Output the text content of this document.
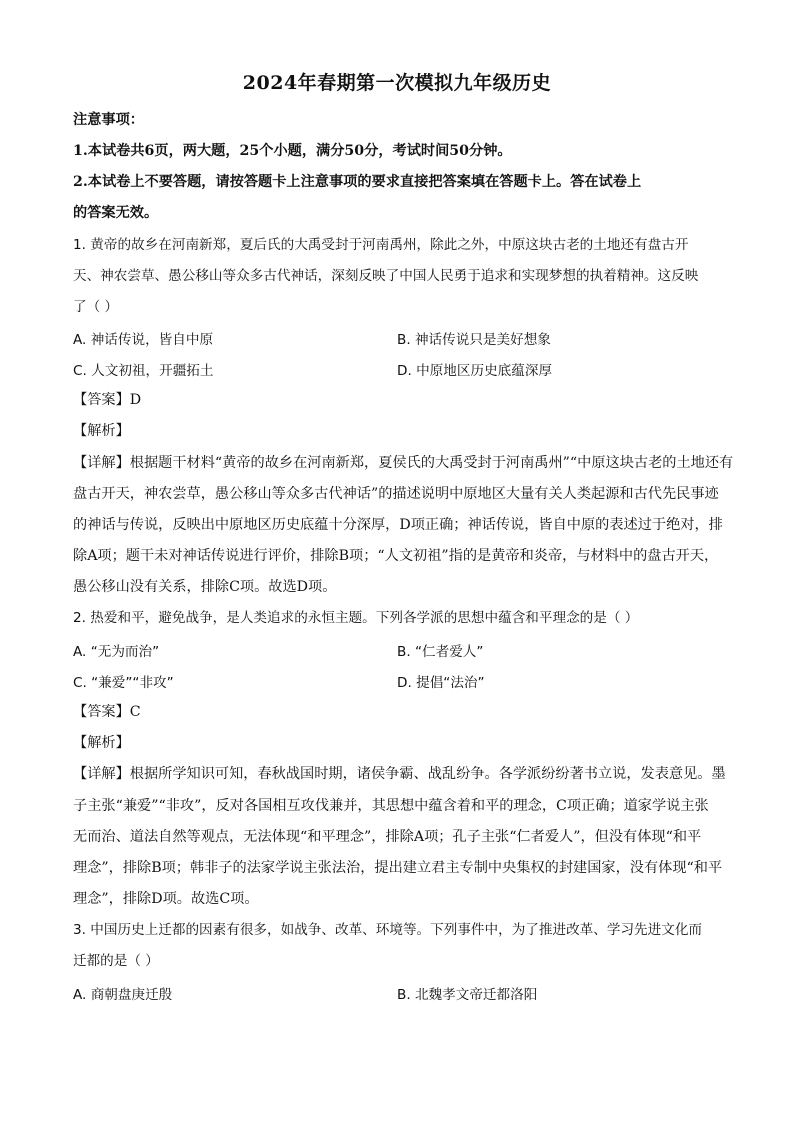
2024年春期第一次模拟九年级历史
注意事项：
1.本试卷共6页，两大题，25个小题，满分50分，考试时间50分钟。
2.本试卷上不要答题，请按答题卡上注意事项的要求直接把答案填在答题卡上。答在试卷上
的答案无效。
1. 黄帝的故乡在河南新郑，夏后氏的大禹受封于河南禹州，除此之外，中原这块古老的土地还有盘古开
天、神农尝草、愚公移山等众多古代神话，深刻反映了中国人民勇于追求和实现梦想的执着精神。这反映
了（ ）
A. 神话传说，皆自中原	B. 神话传说只是美好想象
C. 人文初祖，开疆拓土	D. 中原地区历史底蕴深厚
【答案】D
【解析】
【详解】根据题干材料“黄帝的故乡在河南新郑，夏侯氏的大禹受封于河南禹州”“中原这块古老的土地还有
盘古开天，神农尝草，愚公移山等众多古代神话”的描述说明中原地区大量有关人类起源和古代先民事迹
的神话与传说，反映出中原地区历史底蕴十分深厚，D项正确；神话传说，皆自中原的表述过于绝对，排
除A项；题干未对神话传说进行评价，排除B项；“人文初祖”指的是黄帝和炎帝，与材料中的盘古开天，
愚公移山没有关系，排除C项。故选D项。
2. 热爱和平，避免战争，是人类追求的永恒主题。下列各学派的思想中蕴含和平理念的是（ ）
A. “无为而治”	B. “仁者爱人”
C. “兼爱”“非攻”	D. 提倡“法治”
【答案】C
【解析】
【详解】根据所学知识可知，春秋战国时期，诸侯争霸、战乱纷争。各学派纷纷著书立说，发表意见。墨
子主张“兼爱”“非攻”，反对各国相互攻伐兼并，其思想中蕴含着和平的理念，C项正确；道家学说主张
无而治、道法自然等观点，无法体现“和平理念”，排除A项；孔子主张“仁者爱人”，但没有体现“和平
理念”，排除B项；韩非子的法家学说主张法治，提出建立君主专制中央集权的封建国家，没有体现“和平
理念”，排除D项。故选C项。
3. 中国历史上迁都的因素有很多，如战争、改革、环境等。下列事件中，为了推进改革、学习先进文化而
迁都的是（ ）
A. 商朝盘庚迁殷	B. 北魏孝文帝迁都洛阳
